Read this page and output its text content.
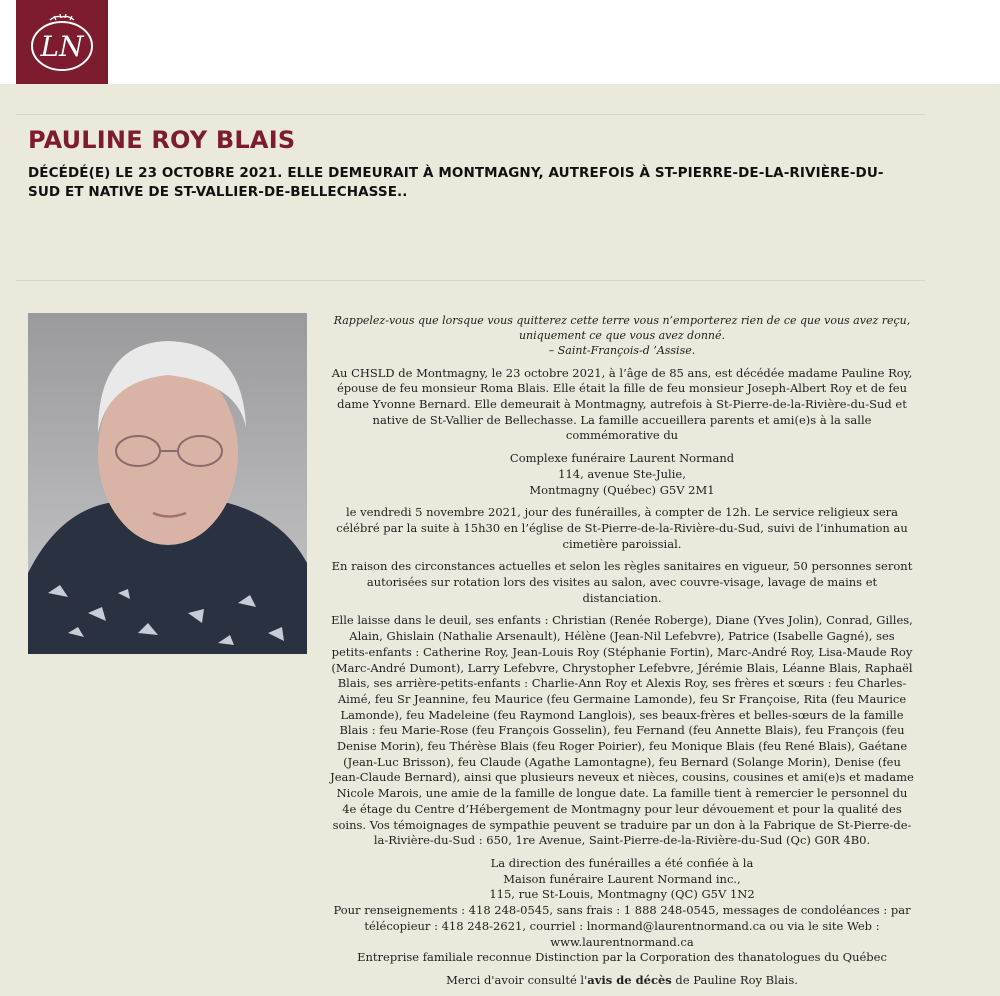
LN
PAULINE ROY BLAIS

DÉCÉDÉ(E) LE 23 OCTOBRE 2021. ELLE DEMEURAIT À MONTMAGNY, AUTREFOIS À ST-PIERRE-DE-LA-RIVIÈRE-DU-SUD ET NATIVE DE ST-VALLIER-DE-BELLECHASSE..

Rappelez-vous que lorsque vous quitterez cette terre vous n’emporterez rien de ce que vous avez reçu, uniquement ce que vous avez donné.
– Saint-François-d ’Assise.

Au CHSLD de Montmagny, le 23 octobre 2021, à l’âge de 85 ans, est décédée madame Pauline Roy, épouse de feu monsieur Roma Blais. Elle était la fille de feu monsieur Joseph-Albert Roy et de feu dame Yvonne Bernard. Elle demeurait à Montmagny, autrefois à St-Pierre-de-la-Rivière-du-Sud et native de St-Vallier de Bellechasse. La famille accueillera parents et ami(e)s à la salle commémorative du

Complexe funéraire Laurent Normand
114, avenue Ste-Julie,
Montmagny (Québec) G5V 2M1

le vendredi 5 novembre 2021, jour des funérailles, à compter de 12h. Le service religieux sera célébré par la suite à 15h30 en l’église de St-Pierre-de-la-Rivière-du-Sud, suivi de l’inhumation au cimetière paroissial.

En raison des circonstances actuelles et selon les règles sanitaires en vigueur, 50 personnes seront autorisées sur rotation lors des visites au salon, avec couvre-visage, lavage de mains et distanciation.

Elle laisse dans le deuil, ses enfants : Christian (Renée Roberge), Diane (Yves Jolin), Conrad, Gilles, Alain, Ghislain (Nathalie Arsenault), Hélène (Jean-Nil Lefebvre), Patrice (Isabelle Gagné), ses petits-enfants : Catherine Roy, Jean-Louis Roy (Stéphanie Fortin), Marc-André Roy, Lisa-Maude Roy (Marc-André Dumont), Larry Lefebvre, Chrystopher Lefebvre, Jérémie Blais, Léanne Blais, Raphaël Blais, ses arrière-petits-enfants : Charlie-Ann Roy et Alexis Roy, ses frères et sœurs : feu Charles-Aimé, feu Sr Jeannine, feu Maurice (feu Germaine Lamonde), feu Sr Françoise, Rita (feu Maurice Lamonde), feu Madeleine (feu Raymond Langlois), ses beaux-frères et belles-sœurs de la famille Blais : feu Marie-Rose (feu François Gosselin), feu Fernand (feu Annette Blais), feu François (feu Denise Morin), feu Thérèse Blais (feu Roger Poirier), feu Monique Blais (feu René Blais), Gaétane (Jean-Luc Brisson), feu Claude (Agathe Lamontagne), feu Bernard (Solange Morin), Denise (feu Jean-Claude Bernard), ainsi que plusieurs neveux et nièces, cousins, cousines et ami(e)s et madame Nicole Marois, une amie de la famille de longue date. La famille tient à remercier le personnel du 4e étage du Centre d’Hébergement de Montmagny pour leur dévouement et pour la qualité des soins. Vos témoignages de sympathie peuvent se traduire par un don à la Fabrique de St-Pierre-de-la-Rivière-du-Sud : 650, 1re Avenue, Saint-Pierre-de-la-Rivière-du-Sud (Qc) G0R 4B0.

La direction des funérailles a été confiée à la
Maison funéraire Laurent Normand inc.,
115, rue St-Louis, Montmagny (QC) G5V 1N2
Pour renseignements : 418 248-0545, sans frais : 1 888 248-0545, messages de condoléances : par télécopieur : 418 248-2621, courriel : lnormand@laurentnormand.ca ou via le site Web :
www.laurentnormand.ca
Entreprise familiale reconnue Distinction par la Corporation des thanatologues du Québec

Merci d'avoir consulté l'avis de décès de Pauline Roy Blais.
